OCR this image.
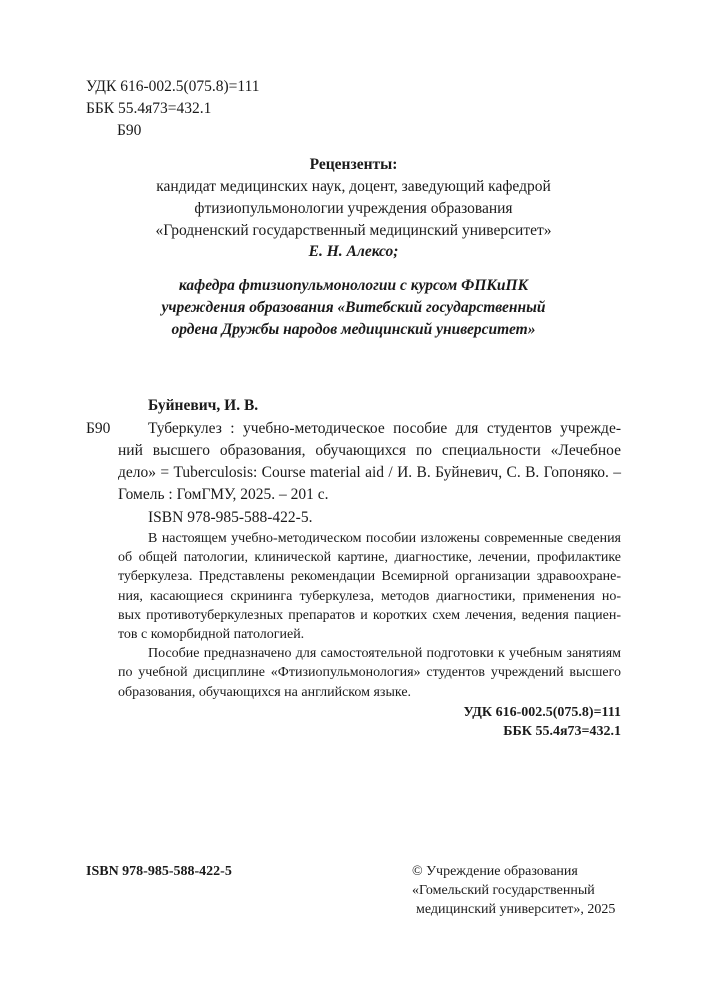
УДК 616-002.5(075.8)=111
ББК 55.4я73=432.1
Б90
Рецензенты:
кандидат медицинских наук, доцент, заведующий кафедрой
фтизиопульмонологии учреждения образования
«Гродненский государственный медицинский университет»
Е. Н. Алексо;
кафедра фтизиопульмонологии с курсом ФПКиПК
учреждения образования «Витебский государственный
ордена Дружбы народов медицинский университет»
Буйневич, И. В.
Б90 Туберкулез : учебно-методическое пособие для студентов учрежде-
ний высшего образования, обучающихся по специальности «Лечебное
дело» = Tuberculosis: Course material aid / И. В. Буйневич, С. В. Гопоняко. –
Гомель : ГомГМУ, 2025. – 201 с.
ISBN 978-985-588-422-5.
В настоящем учебно-методическом пособии изложены современные сведения
об общей патологии, клинической картине, диагностике, лечении, профилактике
туберкулеза. Представлены рекомендации Всемирной организации здравоохране-
ния, касающиеся скрининга туберкулеза, методов диагностики, применения но-
вых противотуберкулезных препаратов и коротких схем лечения, ведения пациен-
тов с коморбидной патологией.
Пособие предназначено для самостоятельной подготовки к учебным занятиям
по учебной дисциплине «Фтизиопульмонология» студентов учреждений высшего
образования, обучающихся на английском языке.
УДК 616-002.5(075.8)=111
ББК 55.4я73=432.1
ISBN 978-985-588-422-5	© Учреждение образования
«Гомельский государственный
медицинский университет», 2025
